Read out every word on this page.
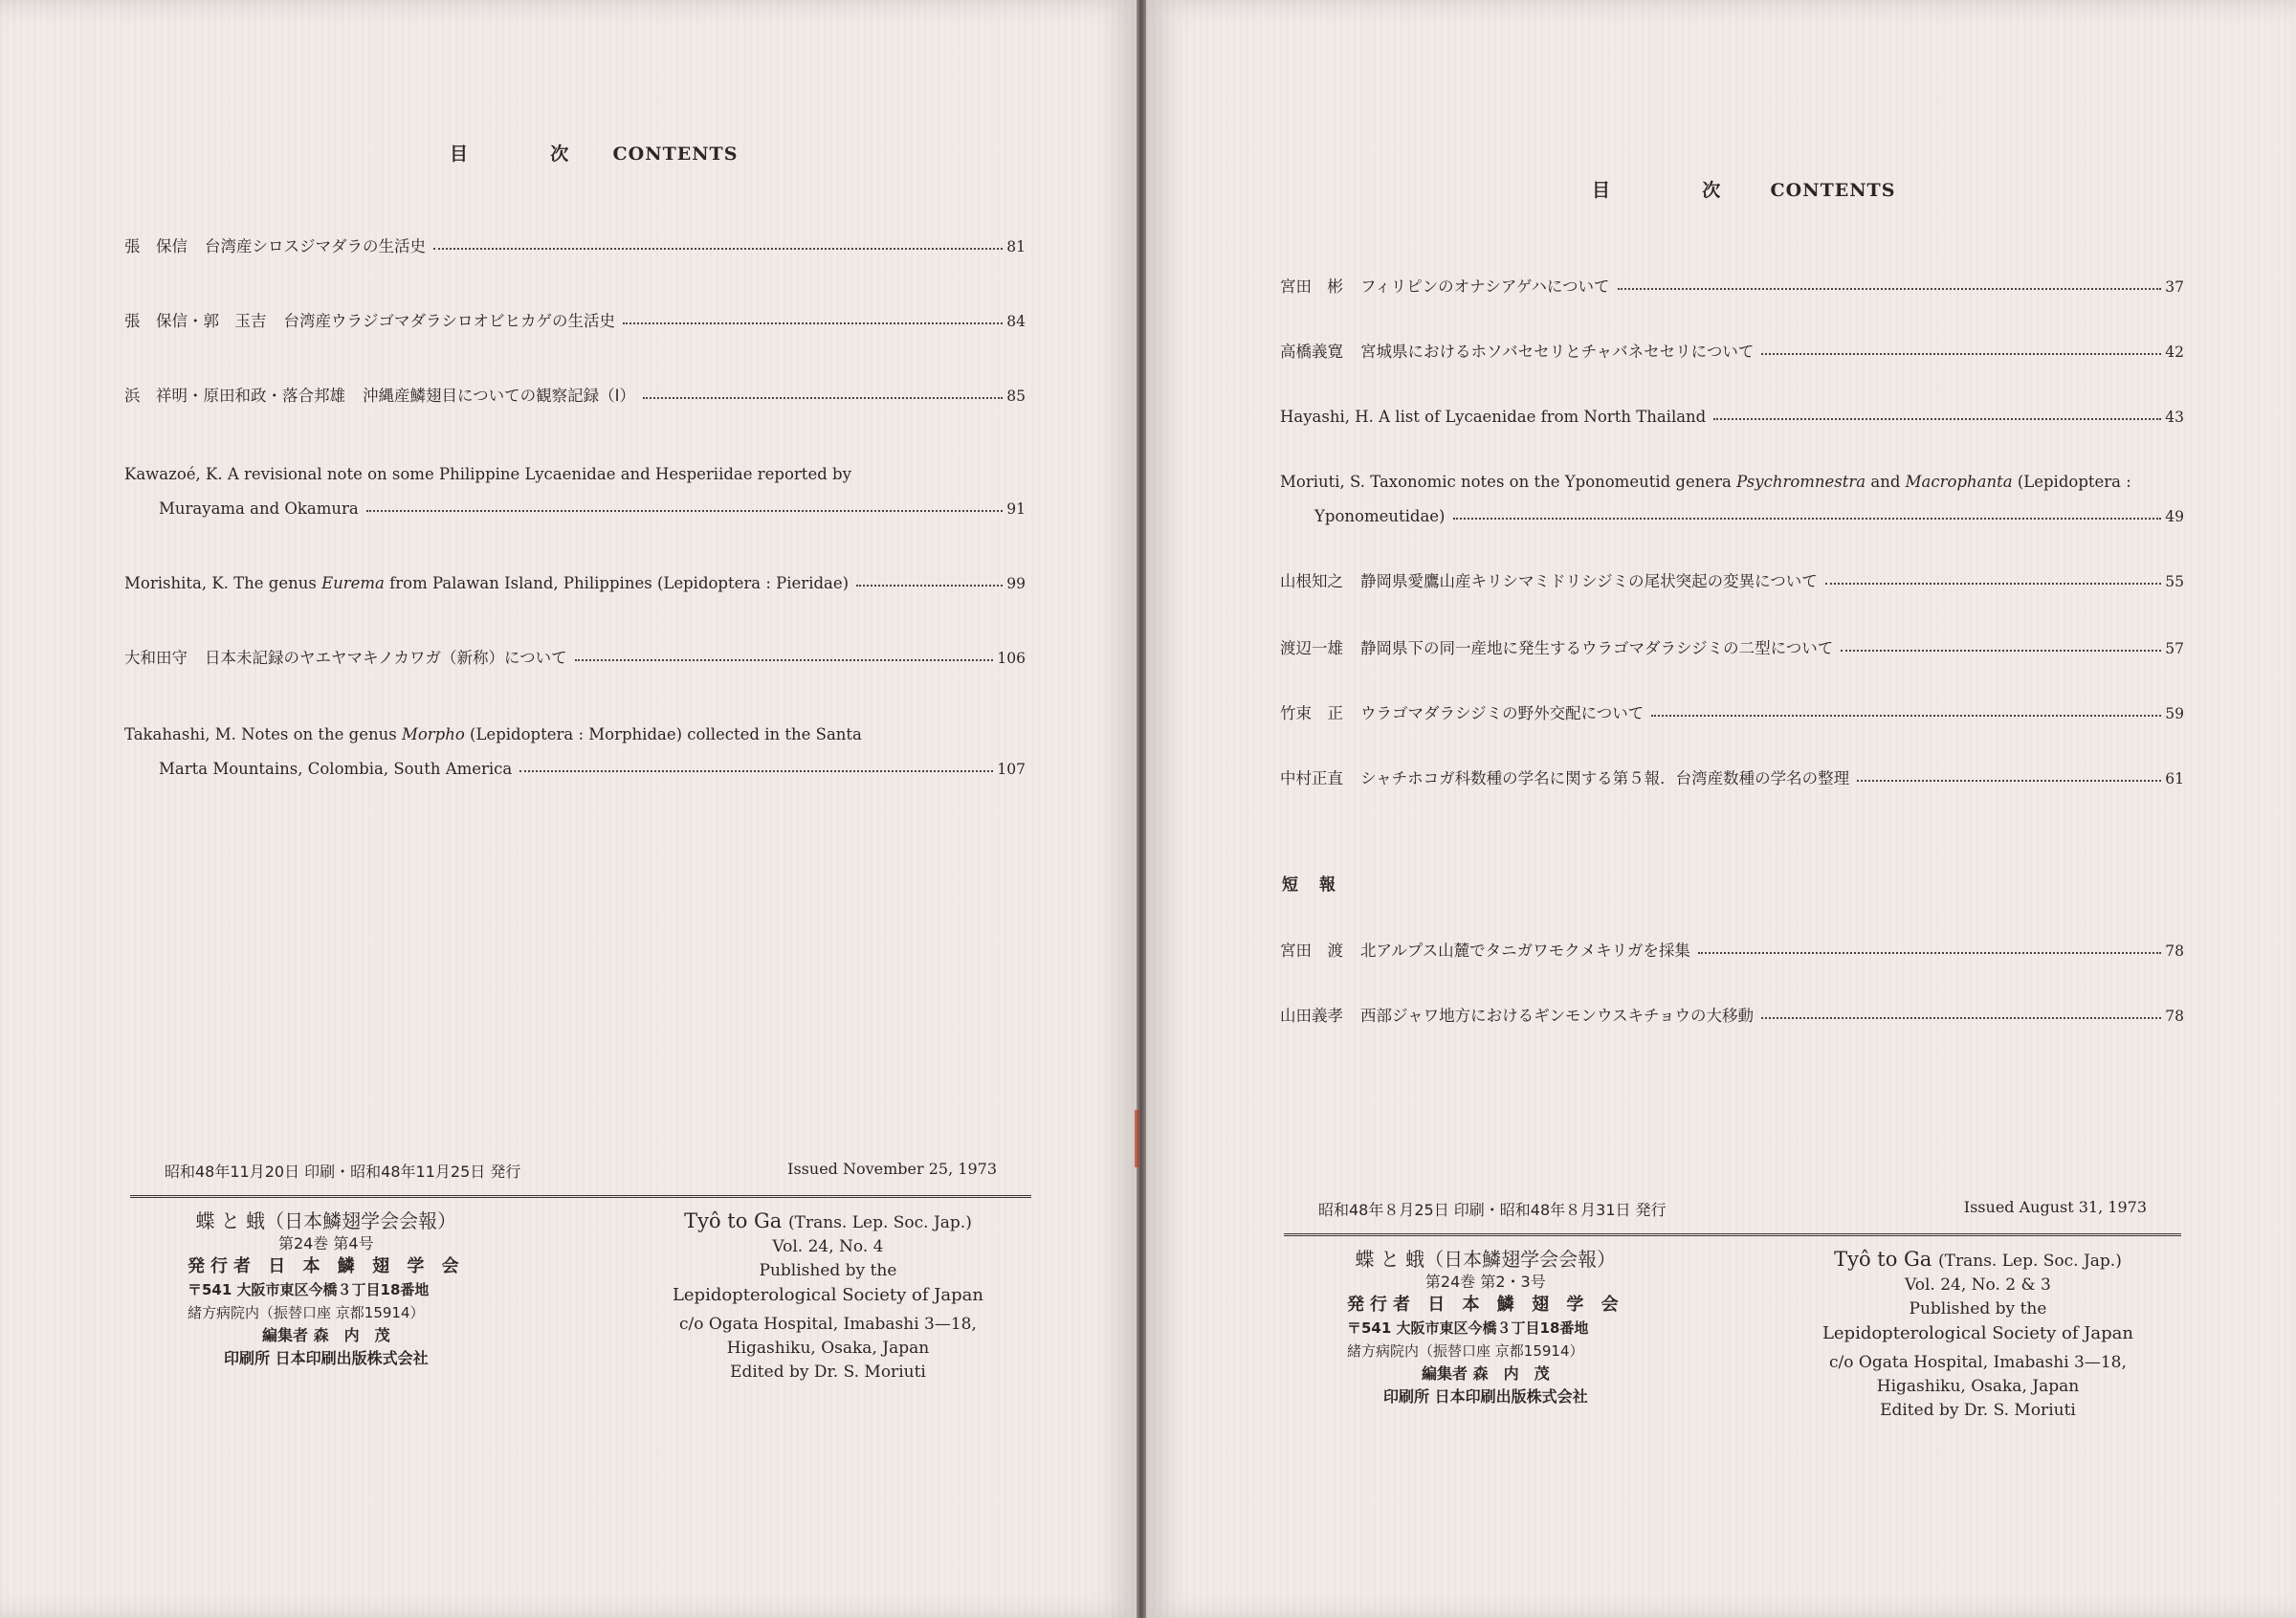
目	次 CONTENTS
張　保信 台湾産シロスジマダラの生活史	81
張　保信・郭　玉吉 台湾産ウラジゴマダラシロオビヒカゲの生活史	84
浜　祥明・原田和政・落合邦雄 沖縄産鱗翅目についての観察記録（I）	85
Kawazoé, K. A revisional note on some Philippine Lycaenidae and Hesperiidae reported by
Murayama and Okamura	91
Morishita, K. The genus Eurema from Palawan Island, Philippines (Lepidoptera : Pieridae)	99
大和田守 日本未記録のヤエヤマキノカワガ（新称）について	106
Takahashi, M. Notes on the genus Morpho (Lepidoptera : Morphidae) collected in the Santa
Marta Mountains, Colombia, South America	107
昭和48年11月20日 印刷・昭和48年11月25日 発行	Issued November 25, 1973
蝶 と 蛾（日本鱗翅学会会報）
第24巻 第4号
発行者 日 本 鱗 翅 学 会
〒541 大阪市東区今橋３丁目18番地
緒方病院内（振替口座 京都15914）
編集者 森　内　茂
印刷所 日本印刷出版株式会社
Tyô to Ga (Trans. Lep. Soc. Jap.)
Vol. 24, No. 4
Published by the
Lepidopterological Society of Japan
c/o Ogata Hospital, Imabashi 3—18,
Higashiku, Osaka, Japan
Edited by Dr. S. Moriuti
目	次	CONTENTS
宮田　彬 フィリピンのオナシアゲハについて	37
高橋義寛 宮城県におけるホソバセセリとチャバネセセリについて	42
Hayashi, H. A list of Lycaenidae from North Thailand	43
Moriuti, S. Taxonomic notes on the Yponomeutid genera Psychromnestra and Macrophanta (Lepidoptera :
Yponomeutidae)	49
山根知之 静岡県愛鷹山産キリシマミドリシジミの尾状突起の変異について	55
渡辺一雄 静岡県下の同一産地に発生するウラゴマダラシジミの二型について	57
竹束　正 ウラゴマダラシジミの野外交配について	59
中村正直 シャチホコガ科数種の学名に関する第５報．台湾産数種の学名の整理	61
短報
宮田　渡 北アルプス山麓でタニガワモクメキリガを採集	78
山田義孝 西部ジャワ地方におけるギンモンウスキチョウの大移動	78
昭和48年８月25日 印刷・昭和48年８月31日 発行	Issued August 31, 1973
蝶 と 蛾（日本鱗翅学会会報）
第24巻 第2・3号
発行者 日 本 鱗 翅 学 会
〒541 大阪市東区今橋３丁目18番地
緒方病院内（振替口座 京都15914）
編集者 森　内　茂
印刷所 日本印刷出版株式会社
Tyô to Ga (Trans. Lep. Soc. Jap.)
Vol. 24, No. 2 & 3
Published by the
Lepidopterological Society of Japan
c/o Ogata Hospital, Imabashi 3—18,
Higashiku, Osaka, Japan
Edited by Dr. S. Moriuti
